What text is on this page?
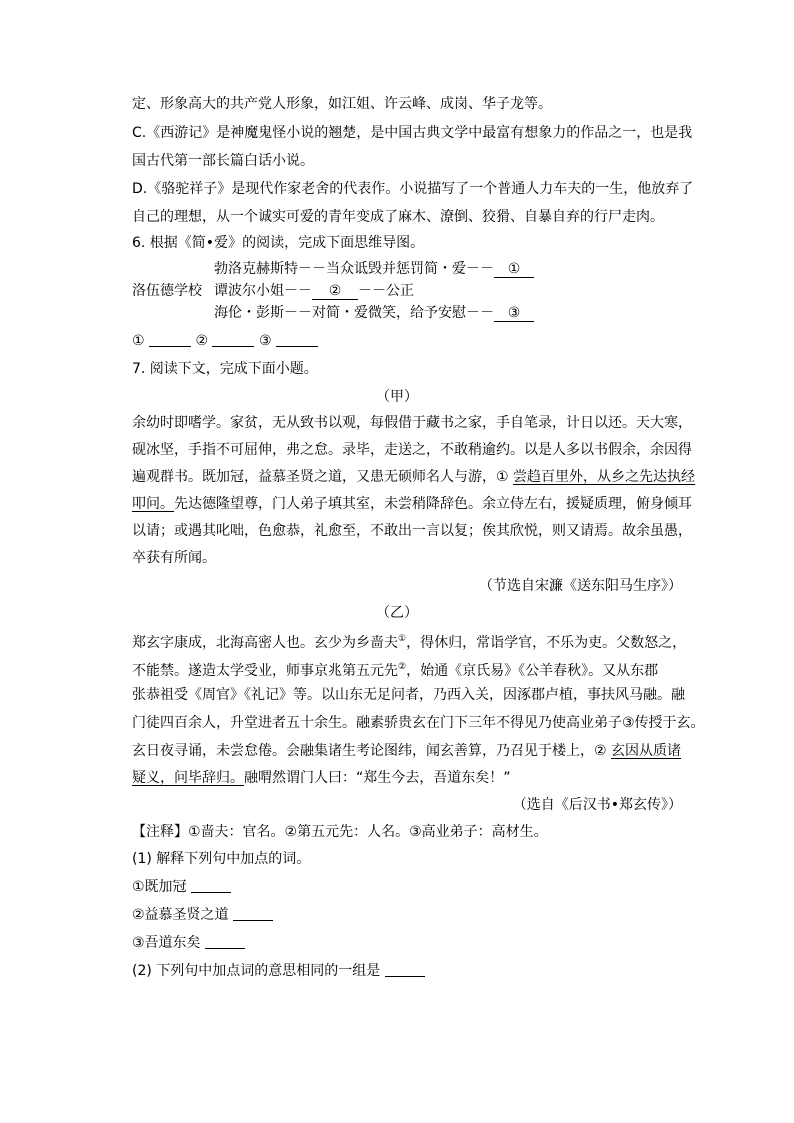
定、形象高大的共产党人形象，如江姐、许云峰、成岗、华子龙等。
C.《西游记》是神魔鬼怪小说的翘楚，是中国古典文学中最富有想象力的作品之一，也是我
国古代第一部长篇白话小说。
D.《骆驼祥子》是现代作家老舍的代表作。小说描写了一个普通人力车夫的一生，他放弃了
自己的理想，从一个诚实可爱的青年变成了麻木、潦倒、狡猾、自暴自弃的行尸走肉。
6. 根据《简•爱》的阅读，完成下面思维导图。
洛伍德学校
勃洛克赫斯特－－当众诋毁并惩罚简・爱－－ ①
谭波尔小姐－－ ② －－公正
海伦・彭斯－－对简・爱微笑，给予安慰－－ ③
①	②	③
7. 阅读下文，完成下面小题。
（甲）
余幼时即嗜学。家贫，无从致书以观，每假借于藏书之家，手自笔录，计日以还。天大寒，
砚冰坚，手指不可屈伸，弗之怠。录毕，走送之，不敢稍逾约。以是人多以书假余，余因得
遍观群书。既加冠，益慕圣贤之道，又患无硕师名人与游，① 尝趋百里外，从乡之先达执经
叩问。先达德隆望尊，门人弟子填其室，未尝稍降辞色。余立侍左右，援疑质理，俯身倾耳
以请；或遇其叱咄，色愈恭，礼愈至，不敢出一言以复；俟其欣悦，则又请焉。故余虽愚，
卒获有所闻。
（节选自宋濂《送东阳马生序》）
（乙）
郑玄字康成，北海高密人也。玄少为乡啬夫①，得休归，常诣学官，不乐为吏。父数怒之，
不能禁。遂造太学受业，师事京兆第五元先②，始通《京氏易》《公羊春秋》。又从东郡
张恭祖受《周官》《礼记》等。以山东无足问者，乃西入关，因涿郡卢植，事扶风马融。融
门徒四百余人，升堂进者五十余生。融素骄贵玄在门下三年不得见乃使高业弟子③传授于玄。
玄日夜寻诵，未尝怠倦。会融集诸生考论图纬，闻玄善算，乃召见于楼上，② 玄因从质诸
疑义，问毕辞归。融喟然谓门人曰：“郑生今去，吾道东矣！”
（选自《后汉书•郑玄传》）
【注释】①啬夫：官名。②第五元先：人名。③高业弟子：高材生。
(1) 解释下列句中加点的词。
①既加冠
②益慕圣贤之道
③吾道东矣
(2) 下列句中加点词的意思相同的一组是
